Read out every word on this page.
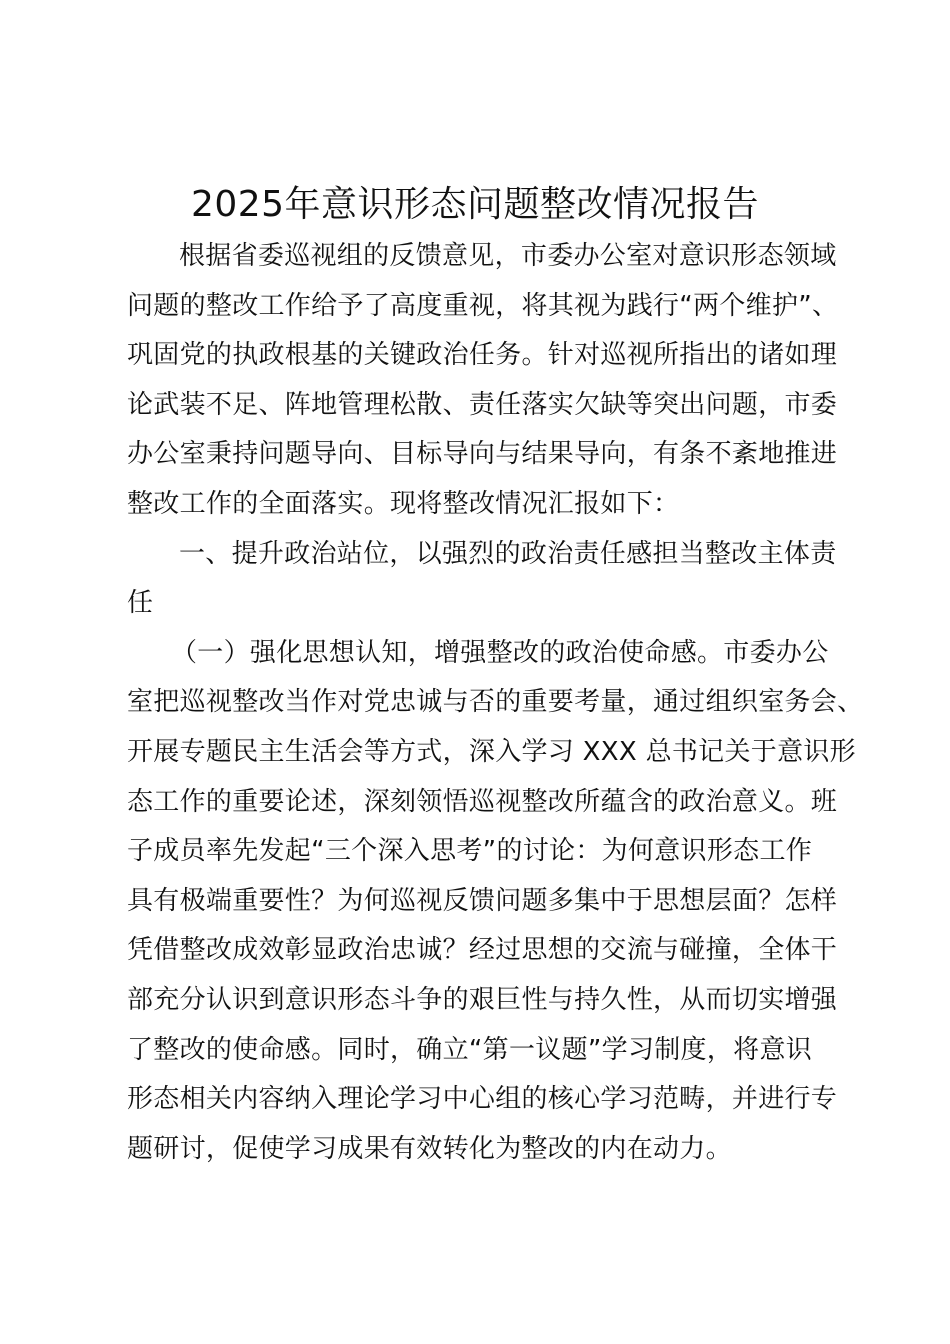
2025年意识形态问题整改情况报告
根据省委巡视组的反馈意见，市委办公室对意识形态领域
问题的整改工作给予了高度重视，将其视为践行“两个维护”、
巩固党的执政根基的关键政治任务。针对巡视所指出的诸如理
论武装不足、阵地管理松散、责任落实欠缺等突出问题，市委
办公室秉持问题导向、目标导向与结果导向，有条不紊地推进
整改工作的全面落实。现将整改情况汇报如下：
一、提升政治站位，以强烈的政治责任感担当整改主体责
任
（一）强化思想认知，增强整改的政治使命感。市委办公
室把巡视整改当作对党忠诚与否的重要考量，通过组织室务会、
开展专题民主生活会等方式，深入学习 XXX 总书记关于意识形
态工作的重要论述，深刻领悟巡视整改所蕴含的政治意义。班
子成员率先发起“三个深入思考”的讨论：为何意识形态工作
具有极端重要性？为何巡视反馈问题多集中于思想层面？怎样
凭借整改成效彰显政治忠诚？经过思想的交流与碰撞，全体干
部充分认识到意识形态斗争的艰巨性与持久性，从而切实增强
了整改的使命感。同时，确立“第一议题”学习制度，将意识
形态相关内容纳入理论学习中心组的核心学习范畴，并进行专
题研讨，促使学习成果有效转化为整改的内在动力。
